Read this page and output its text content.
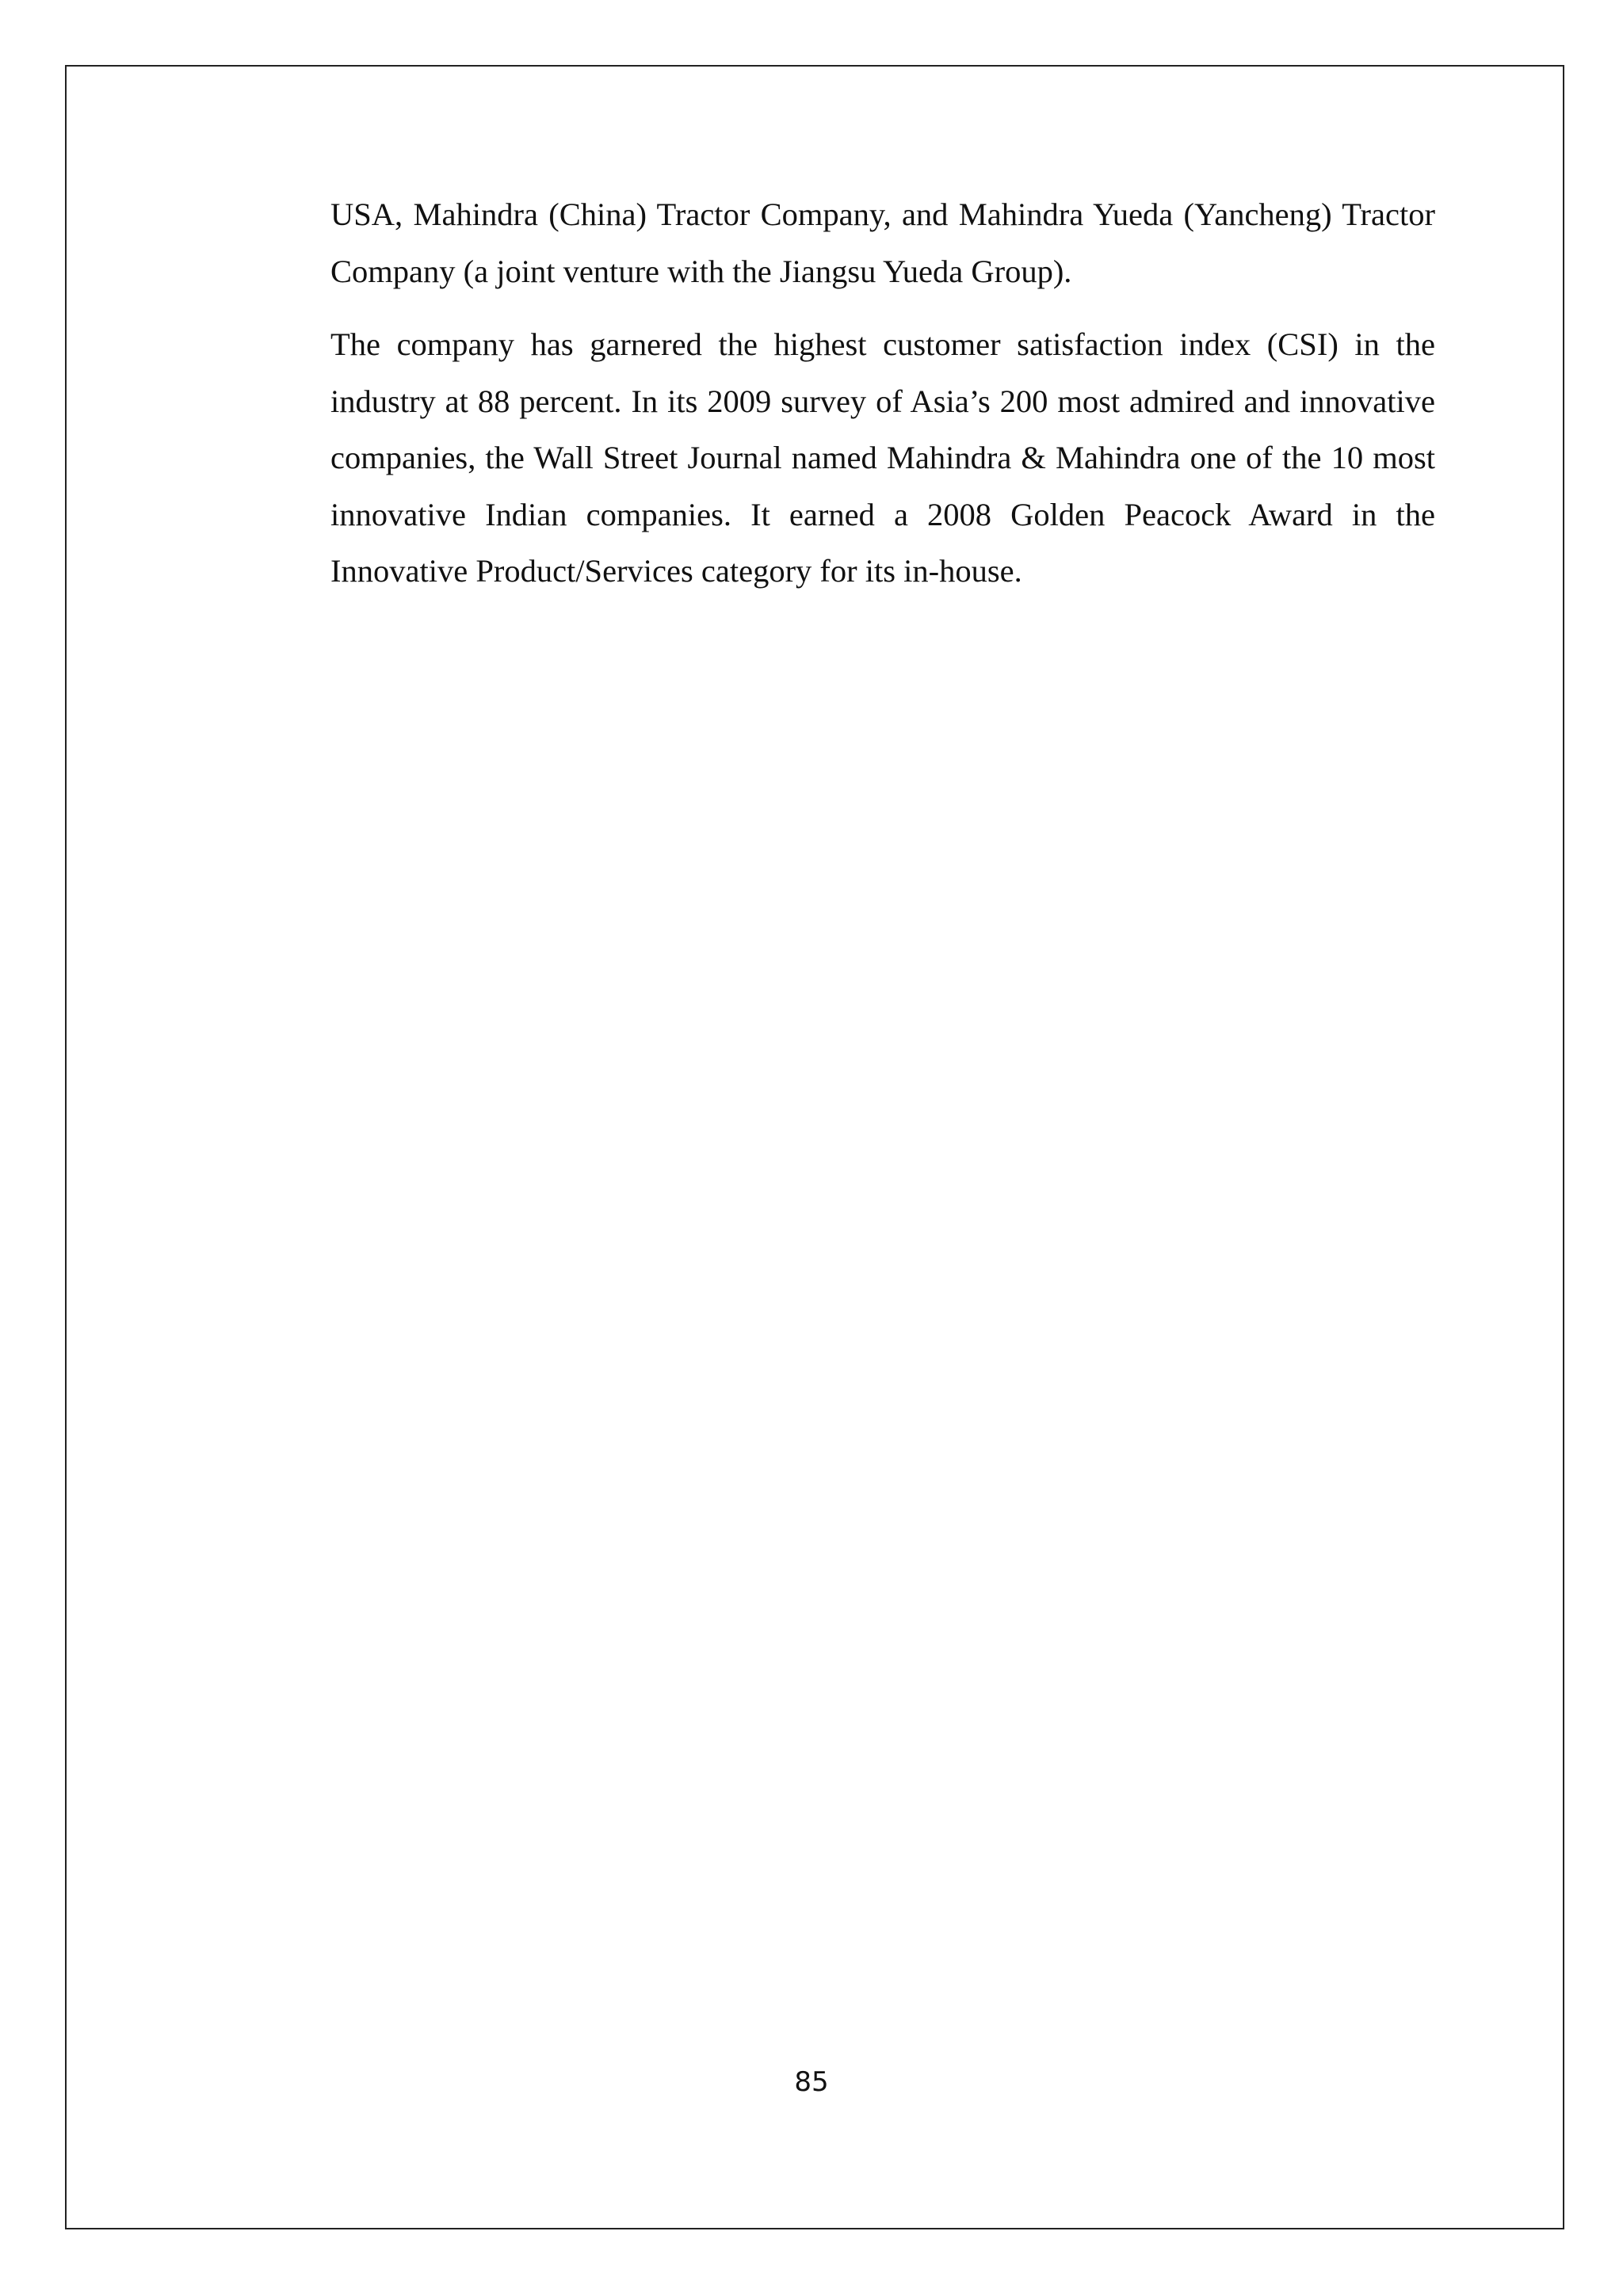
USA, Mahindra (China) Tractor Company, and Mahindra Yueda (Yancheng) Tractor Company (a joint venture with the Jiangsu Yueda Group).

The company has garnered the highest customer satisfaction index (CSI) in the industry at 88 percent. In its 2009 survey of Asia’s 200 most admired and innovative companies, the Wall Street Journal named Mahindra & Mahindra one of the 10 most innovative Indian companies. It earned a 2008 Golden Peacock Award in the Innovative Product/Services category for its in-house.

85
